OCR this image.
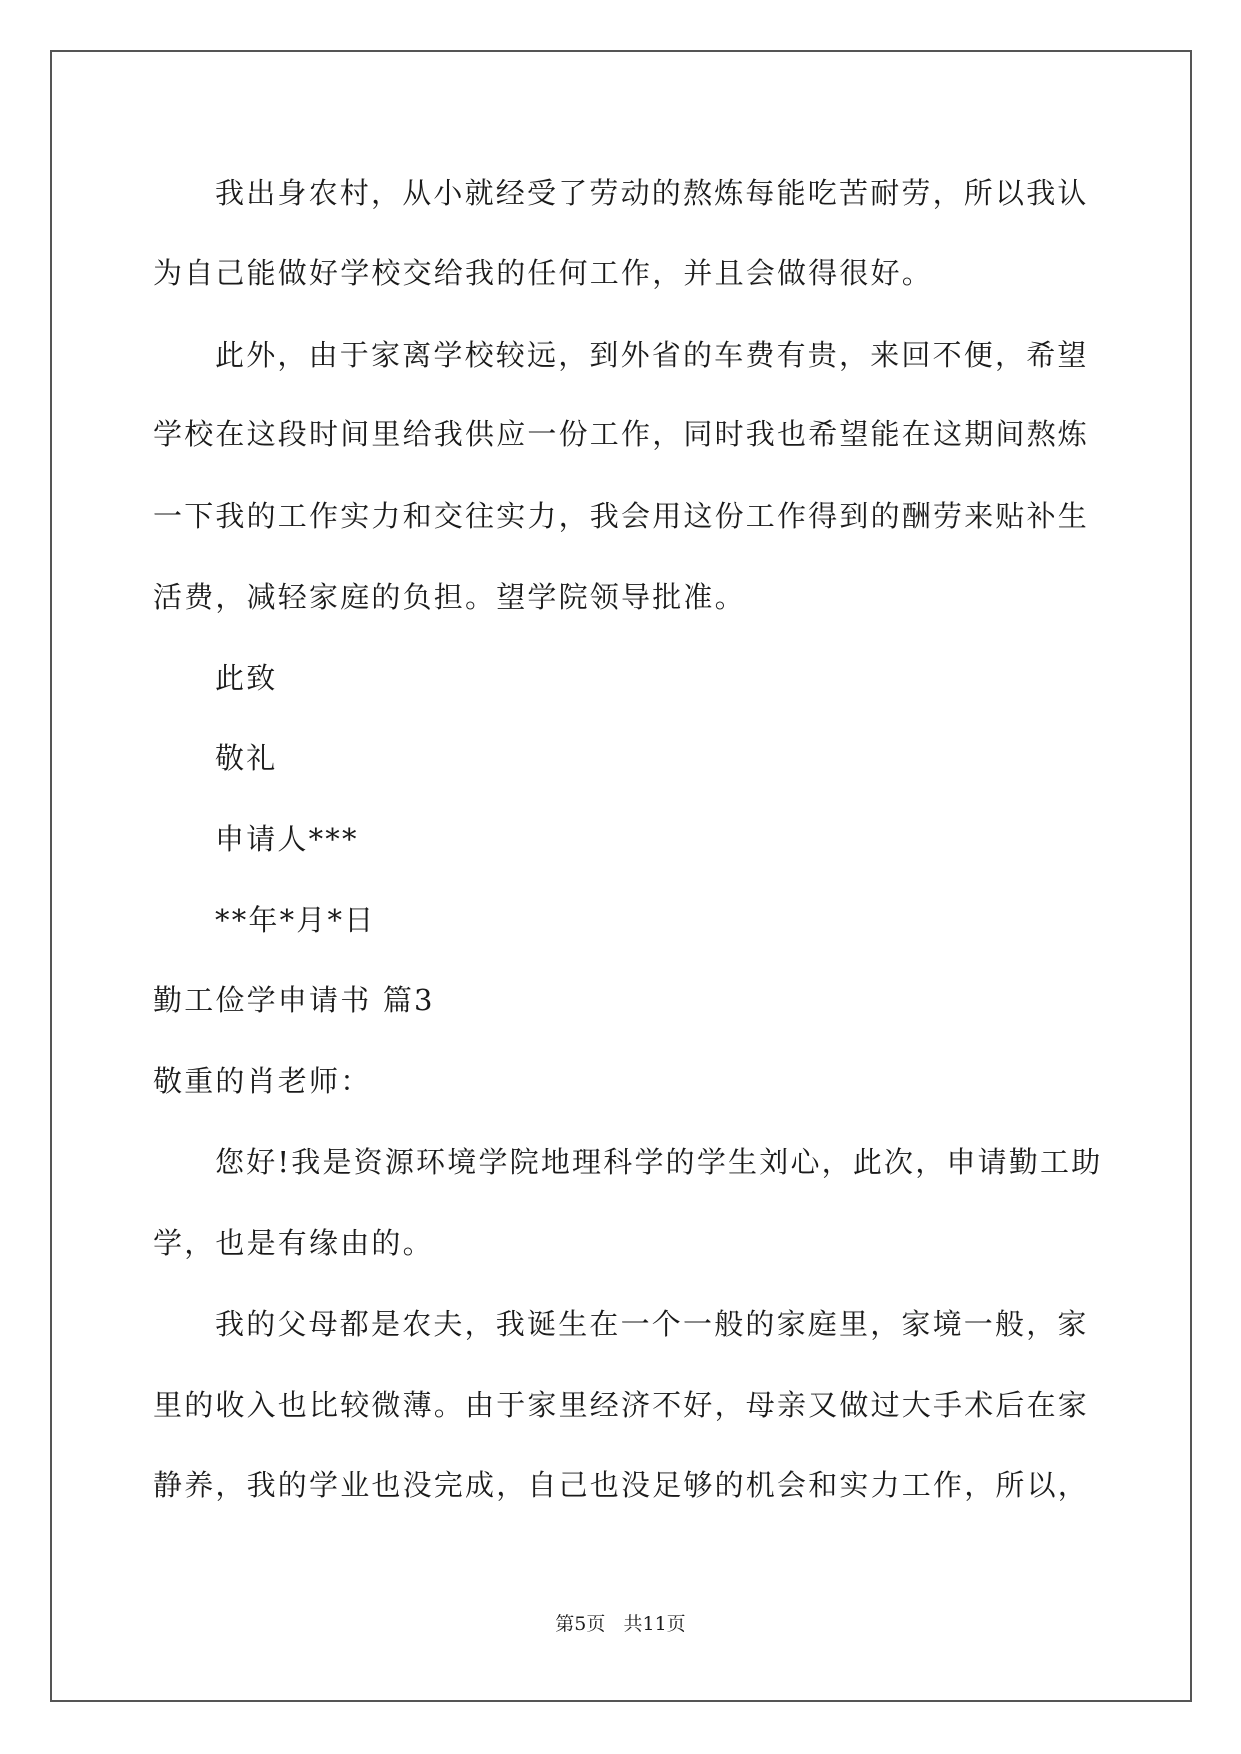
我出身农村，从小就经受了劳动的熬炼每能吃苦耐劳，所以我认
为自己能做好学校交给我的任何工作，并且会做得很好。
此外，由于家离学校较远，到外省的车费有贵，来回不便，希望
学校在这段时间里给我供应一份工作，同时我也希望能在这期间熬炼
一下我的工作实力和交往实力，我会用这份工作得到的酬劳来贴补生
活费，减轻家庭的负担。望学院领导批准。
此致
敬礼
申请人***
**年*月*日
勤工俭学申请书 篇3
敬重的肖老师：
您好!我是资源环境学院地理科学的学生刘心，此次，申请勤工助
学，也是有缘由的。
我的父母都是农夫，我诞生在一个一般的家庭里，家境一般，家
里的收入也比较微薄。由于家里经济不好，母亲又做过大手术后在家
静养，我的学业也没完成，自己也没足够的机会和实力工作，所以，
第5页   共11页
